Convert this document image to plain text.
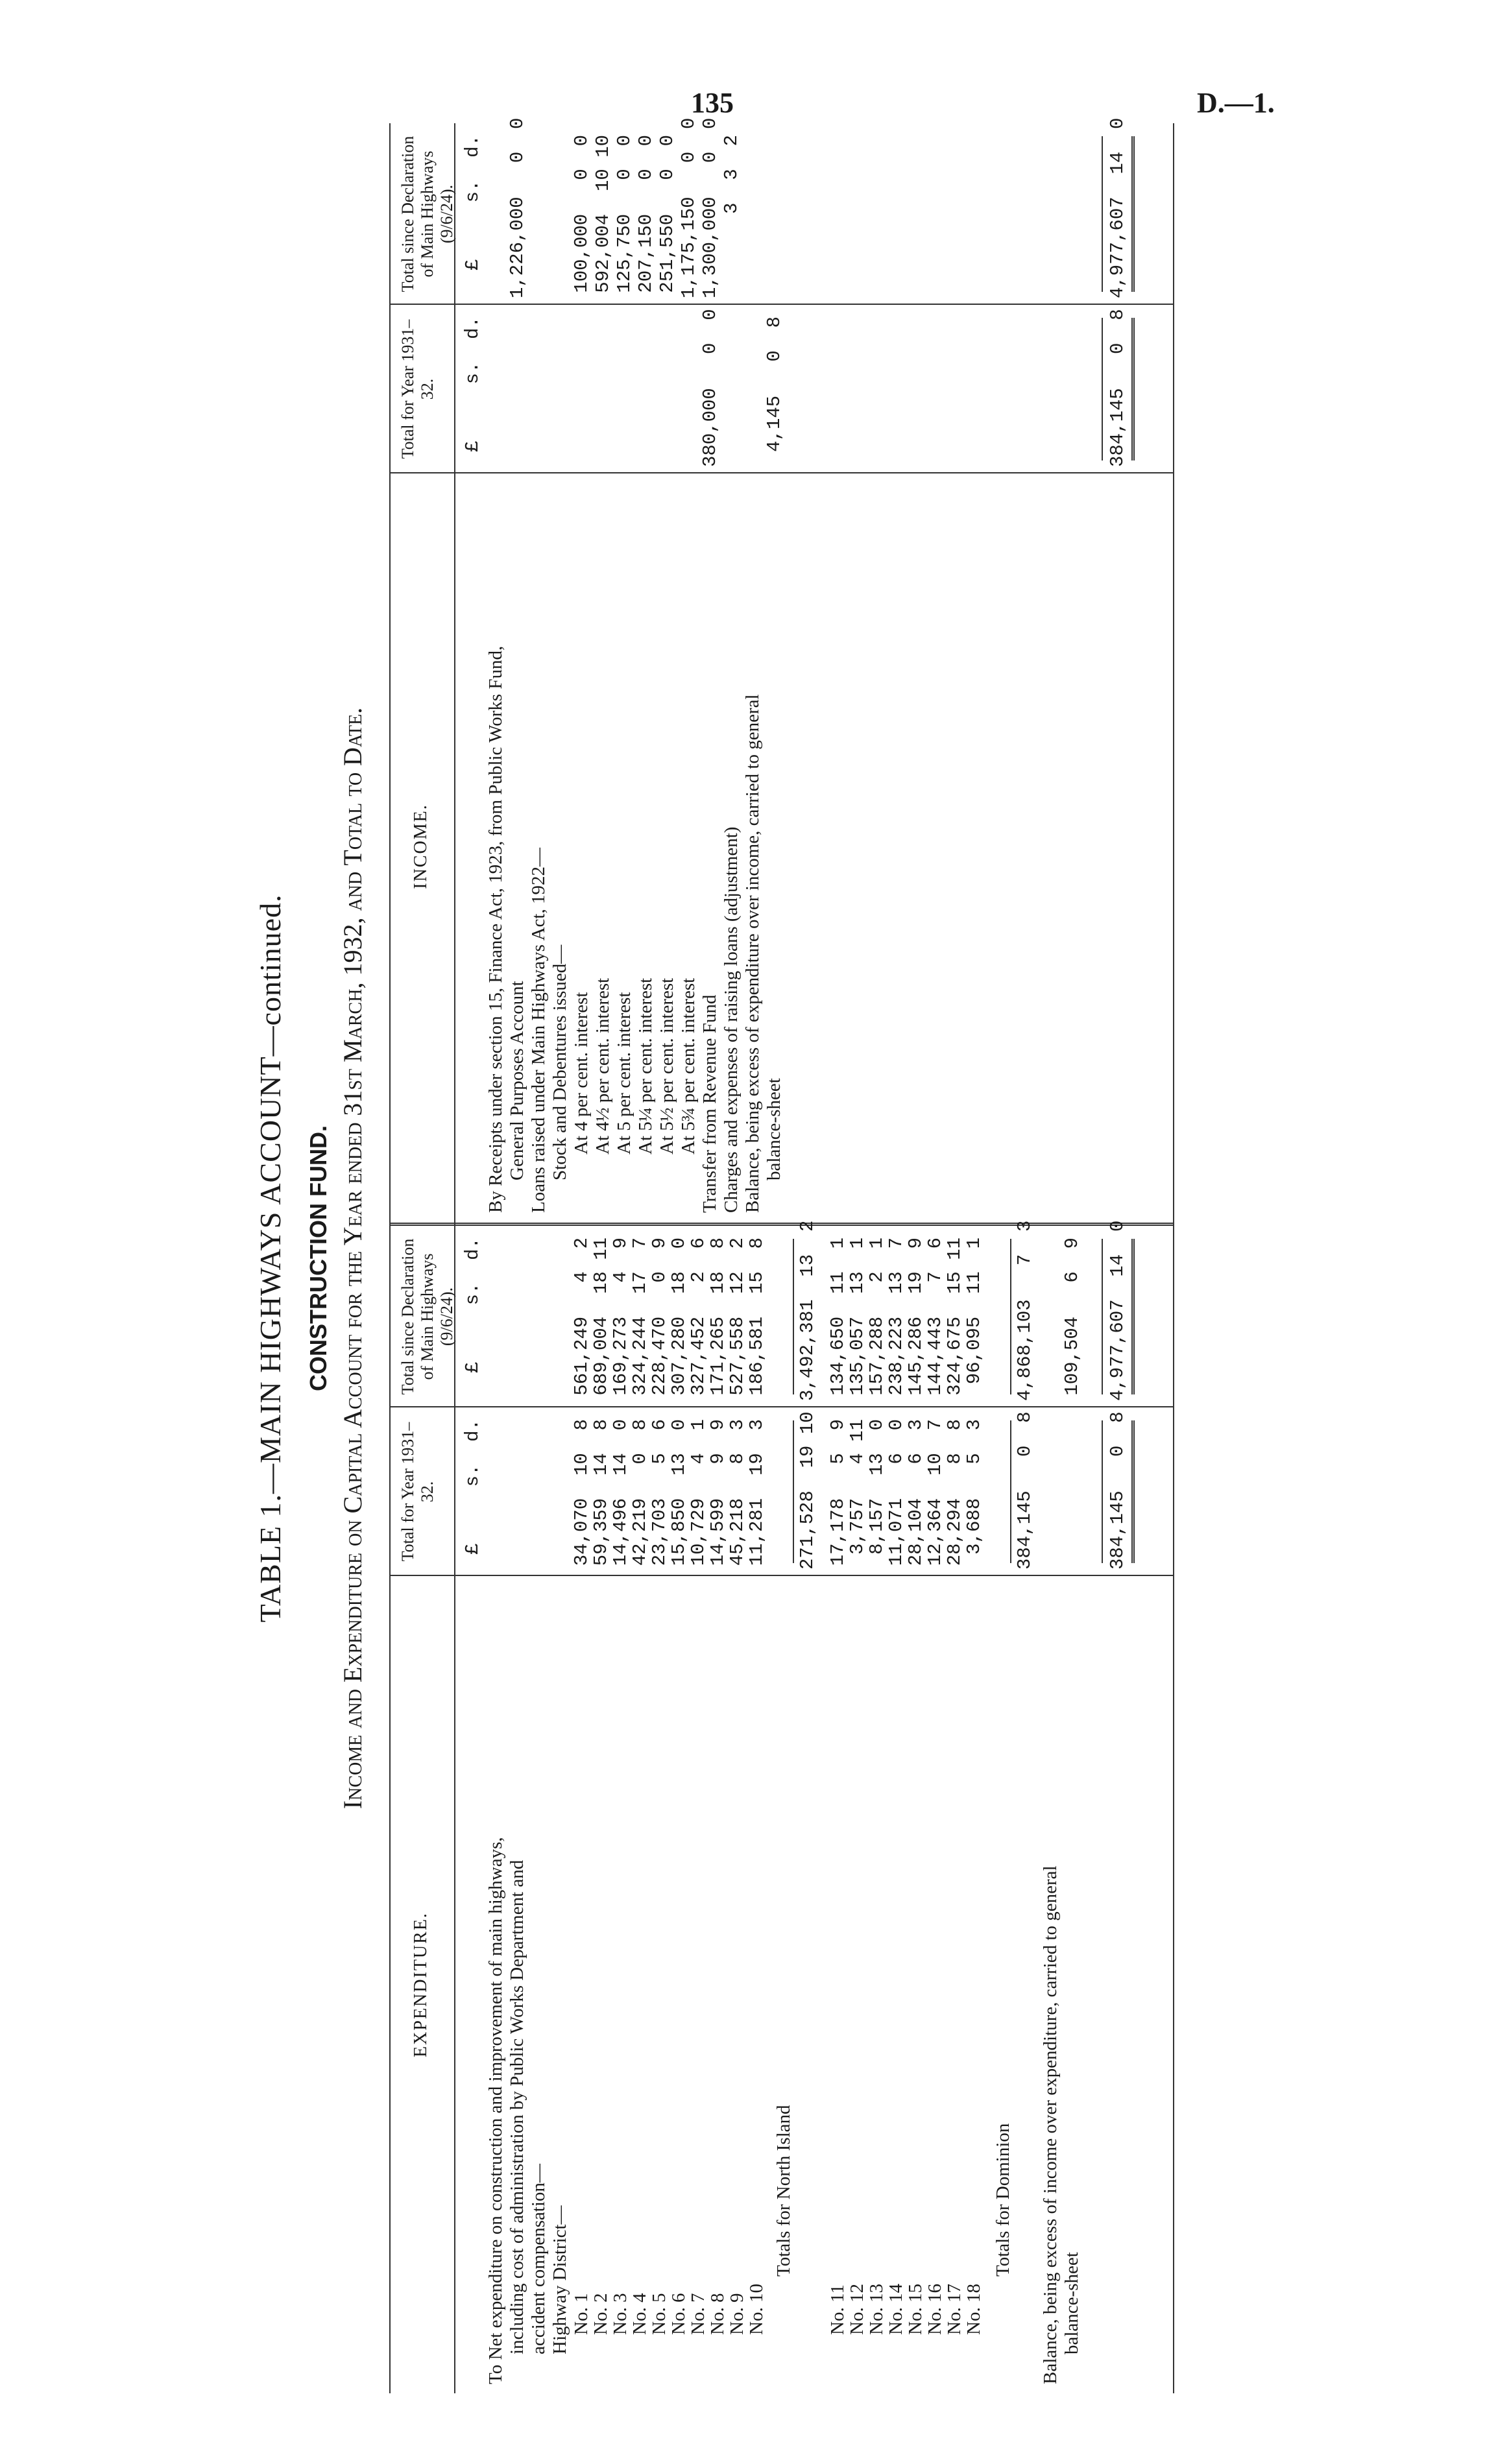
135	D.—1.
TABLE 1.—MAIN HIGHWAYS ACCOUNT—continued. CONSTRUCTION FUND. Income and Expenditure on Capital Account for the Year ended 31st March, 1932, and Total to Date.
EXPENDITURE.
Total for Year 1931–32.
Total since Declaration of Main Highways (9/6/24).
INCOME.
Total for Year 1931–32.
Total since Declaration of Main Highways (9/6/24).
£     s.  d.
£     s.  d.
£     s.  d.
£     s.  d.
To Net expenditure on construction and improvement of main highways, including cost of administration by Public Works Department and accident compensation— Highway District— No. 1
34,070  10  8
561,249   4  2
No. 2
59,359  14  8
689,004  18 11
No. 3
14,496  14  0
169,273   4  9
No. 4
42,219   0  8
324,244  17  7
No. 5
23,703   5  6
228,470   0  9
No. 6
15,850  13  0
307,280  18  0
No. 7
10,729   4  1
327,452   2  6
No. 8
14,599   9  9
171,265  18  8
No. 9
45,218   8  3
527,558  12  2
No. 10
11,281  19  3
186,581  15  8
Totals for North Island
271,528  19 10
3,492,381  13  2
No. 11
17,178   5  9
134,650  11  1
No. 12
3,757   4 11
135,057  13  1
No. 13
8,157  13  0
157,288   2  1
No. 14
11,071   6  0
238,223  13  7
No. 15
28,104   6  3
145,286  19  9
No. 16
12,364  10  7
144,443   7  6
No. 17
28,294   8  8
324,675  15 11
No. 18
3,688   5  3
96,095  11  1
Totals for Dominion
384,145   0  8
4,868,103   7  3
Balance, being excess of income over expenditure, carried to general balance-sheet
109,504   6  9
384,145   0  8
4,977,607  14  0
By Receipts under section 15, Finance Act, 1923, from Public Works Fund, General Purposes Account
1,226,000   0  0
Loans raised under Main Highways Act, 1922— Stock and Debentures issued— At 4 per cent. interest
100,000   0  0
At 4½ per cent. interest
592,004  10 10
At 5 per cent. interest
125,750   0  0
At 5¼ per cent. interest
207,150   0  0
At 5½ per cent. interest
251,550   0  0
At 5¾ per cent. interest
1,175,150   0  0
Transfer from Revenue Fund
380,000   0  0
1,300,000   0  0
Charges and expenses of raising loans (adjustment)
3  3  2
Balance, being excess of expenditure over income, carried to general balance-sheet
4,145   0  8	384,145   0  8
4,977,607  14  0
